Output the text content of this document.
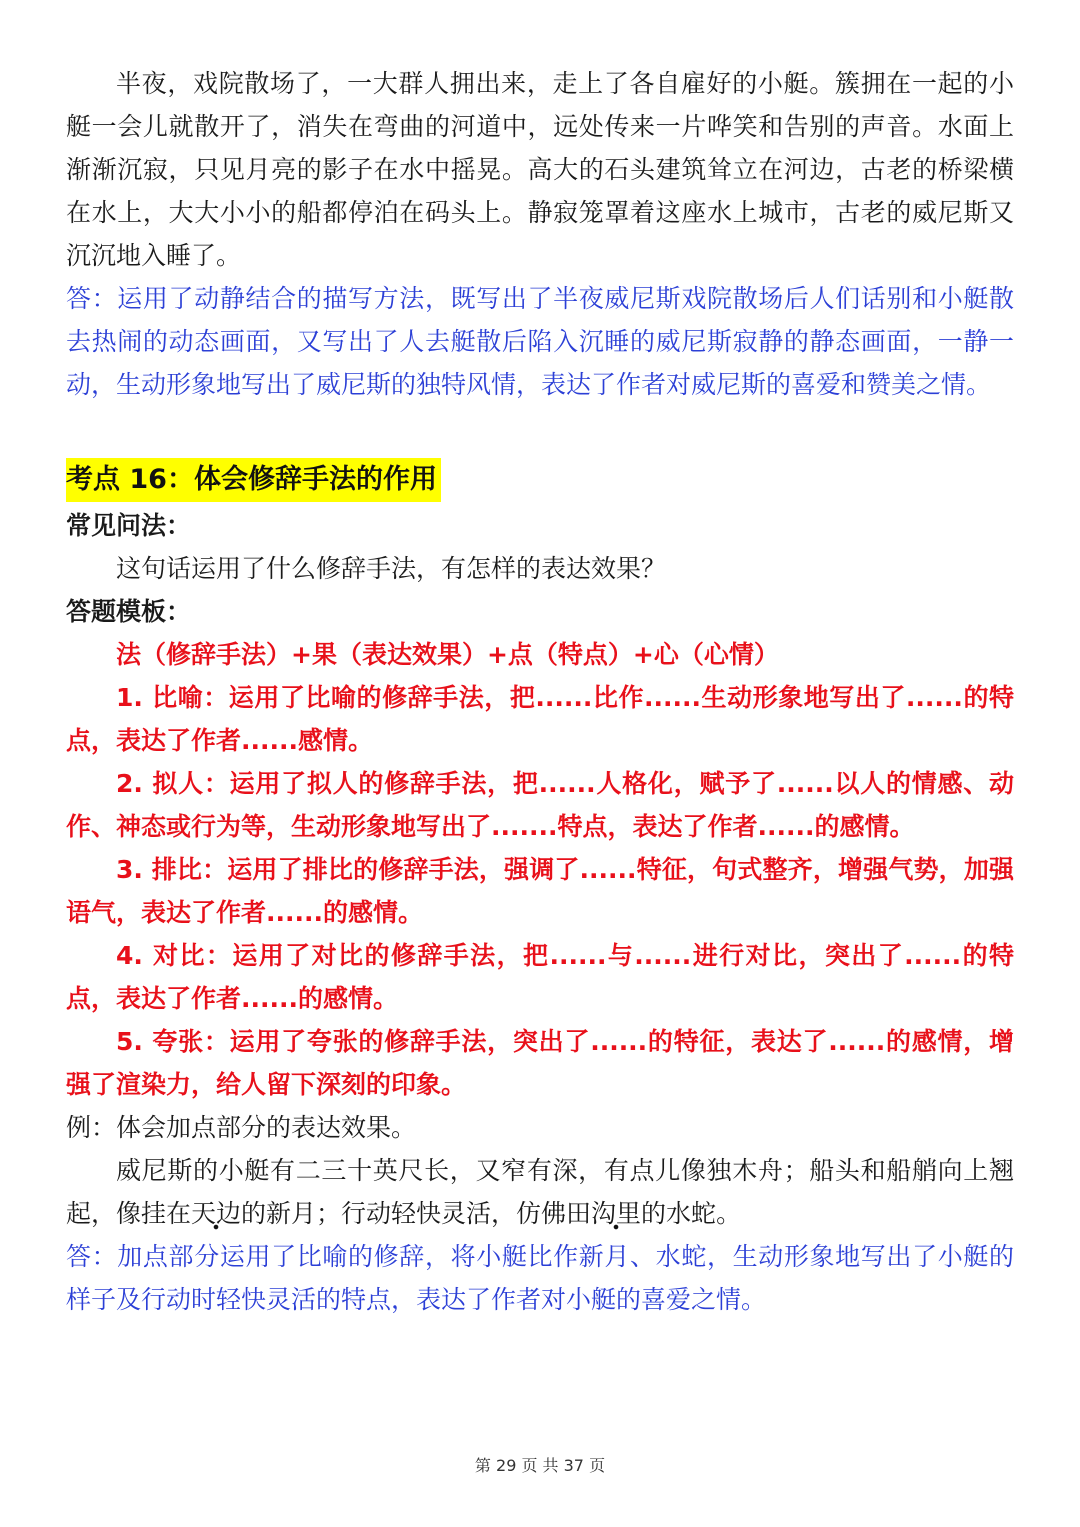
半夜，戏院散场了，一大群人拥出来，走上了各自雇好的小艇。簇拥在一起的小艇一会儿就散开了，消失在弯曲的河道中，远处传来一片哗笑和告别的声音。水面上渐渐沉寂，只见月亮的影子在水中摇晃。高大的石头建筑耸立在河边，古老的桥梁横在水上，大大小小的船都停泊在码头上。静寂笼罩着这座水上城市，古老的威尼斯又沉沉地入睡了。

答：运用了动静结合的描写方法，既写出了半夜威尼斯戏院散场后人们话别和小艇散去热闹的动态画面，又写出了人去艇散后陷入沉睡的威尼斯寂静的静态画面，一静一动，生动形象地写出了威尼斯的独特风情，表达了作者对威尼斯的喜爱和赞美之情。

考点 16：体会修辞手法的作用

常见问法：

这句话运用了什么修辞手法，有怎样的表达效果？

答题模板：

法（修辞手法）+果（表达效果）+点（特点）+心（心情）

1. 比喻：运用了比喻的修辞手法，把......比作......生动形象地写出了......的特点，表达了作者......感情。

2. 拟人：运用了拟人的修辞手法，把......人格化，赋予了......以人的情感、动作、神态或行为等，生动形象地写出了.......特点，表达了作者......的感情。

3. 排比：运用了排比的修辞手法，强调了......特征，句式整齐，增强气势，加强语气，表达了作者......的感情。

4. 对比：运用了对比的修辞手法，把......与......进行对比，突出了......的特点，表达了作者......的感情。

5. 夸张：运用了夸张的修辞手法，突出了......的特征，表达了......的感情，增强了渲染力，给人留下深刻的印象。

例：体会加点部分的表达效果。

威尼斯的小艇有二三十英尺长，又窄有深，有点儿像独木舟；船头和船艄向上翘起，像挂在天边的新月；行动轻快灵活，仿佛田沟里的水蛇。

答：加点部分运用了比喻的修辞，将小艇比作新月、水蛇，生动形象地写出了小艇的样子及行动时轻快灵活的特点，表达了作者对小艇的喜爱之情。

第 29 页 共 37 页
